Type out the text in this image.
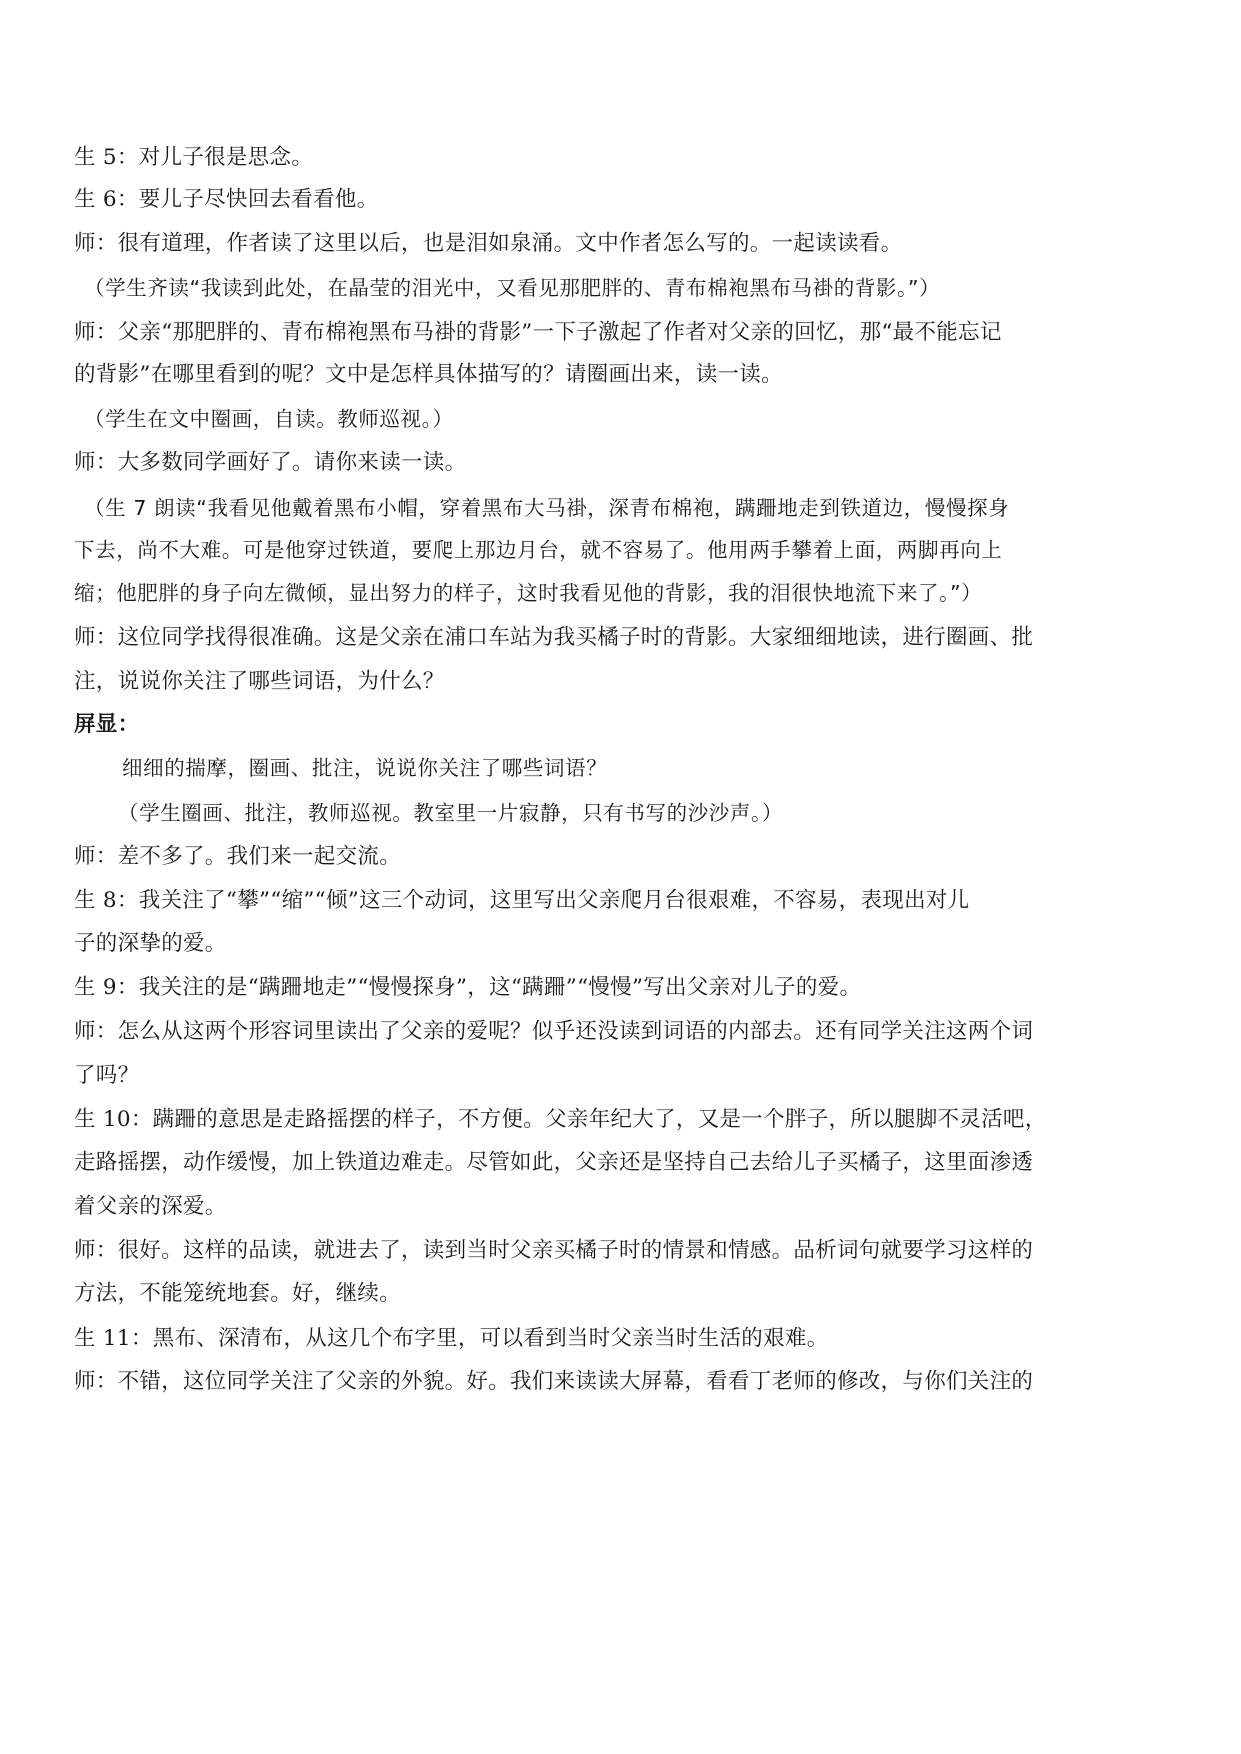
生 5：对儿子很是思念。
生 6：要儿子尽快回去看看他。
师：很有道理，作者读了这里以后，也是泪如泉涌。文中作者怎么写的。一起读读看。
（学生齐读“我读到此处，在晶莹的泪光中，又看见那肥胖的、青布棉袍黑布马褂的背影。”）
师：父亲“那肥胖的、青布棉袍黑布马褂的背影”一下子激起了作者对父亲的回忆，那“最不能忘记
的背影”在哪里看到的呢？文中是怎样具体描写的？请圈画出来，读一读。
（学生在文中圈画，自读。教师巡视。）
师：大多数同学画好了。请你来读一读。
（生 7 朗读“我看见他戴着黑布小帽，穿着黑布大马褂，深青布棉袍，蹒跚地走到铁道边，慢慢探身
下去，尚不大难。可是他穿过铁道，要爬上那边月台，就不容易了。他用两手攀着上面，两脚再向上
缩；他肥胖的身子向左微倾，显出努力的样子，这时我看见他的背影，我的泪很快地流下来了。”）
师：这位同学找得很准确。这是父亲在浦口车站为我买橘子时的背影。大家细细地读，进行圈画、批
注，说说你关注了哪些词语，为什么？
屏显：
细细的揣摩，圈画、批注，说说你关注了哪些词语？
（学生圈画、批注，教师巡视。教室里一片寂静，只有书写的沙沙声。）
师：差不多了。我们来一起交流。
生 8：我关注了“攀”“缩”“倾”这三个动词，这里写出父亲爬月台很艰难，不容易，表现出对儿
子的深挚的爱。
生 9：我关注的是“蹒跚地走”“慢慢探身”，这“蹒跚”“慢慢”写出父亲对儿子的爱。
师：怎么从这两个形容词里读出了父亲的爱呢？似乎还没读到词语的内部去。还有同学关注这两个词
了吗？
生 10：蹒跚的意思是走路摇摆的样子，不方便。父亲年纪大了，又是一个胖子，所以腿脚不灵活吧，
走路摇摆，动作缓慢，加上铁道边难走。尽管如此，父亲还是坚持自己去给儿子买橘子，这里面渗透
着父亲的深爱。
师：很好。这样的品读，就进去了，读到当时父亲买橘子时的情景和情感。品析词句就要学习这样的
方法，不能笼统地套。好，继续。
生 11：黑布、深清布，从这几个布字里，可以看到当时父亲当时生活的艰难。
师：不错，这位同学关注了父亲的外貌。好。我们来读读大屏幕，看看丁老师的修改，与你们关注的
